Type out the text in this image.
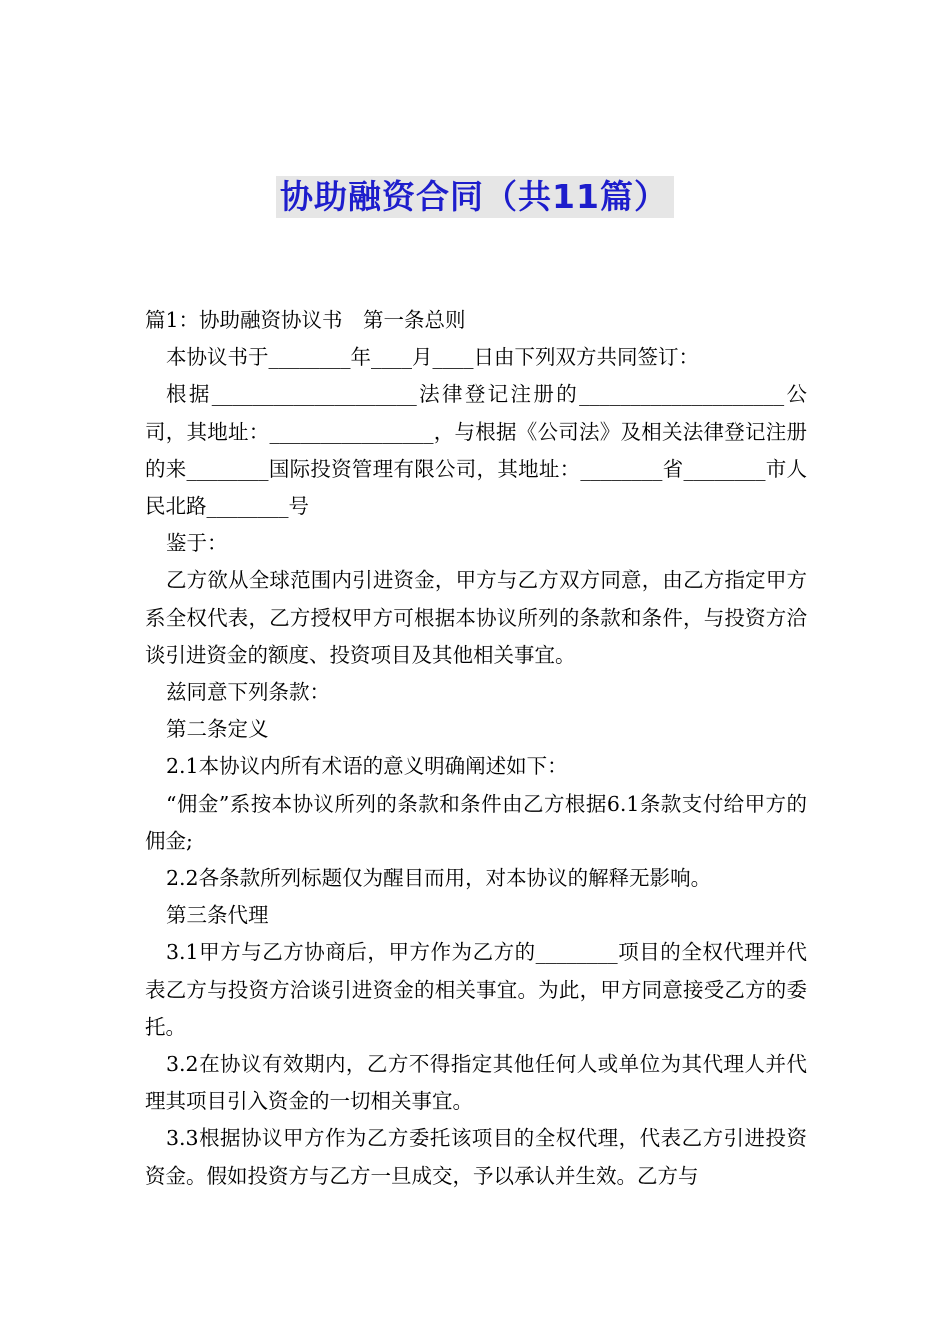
协助融资合同（共11篇）

篇1：协助融资协议书　第一条总则

本协议书于________年____月____日由下列双方共同签订：

根据____________________法律登记注册的____________________公司，其地址：________________，与根据《公司法》及相关法律登记注册的来________国际投资管理有限公司，其地址：________省________市人民北路________号

鉴于：

乙方欲从全球范围内引进资金，甲方与乙方双方同意，由乙方指定甲方系全权代表，乙方授权甲方可根据本协议所列的条款和条件，与投资方洽谈引进资金的额度、投资项目及其他相关事宜。

兹同意下列条款：

第二条定义

2.1本协议内所有术语的意义明确阐述如下：

“佣金”系按本协议所列的条款和条件由乙方根据6.1条款支付给甲方的佣金;

2.2各条款所列标题仅为醒目而用，对本协议的解释无影响。

第三条代理

3.1甲方与乙方协商后，甲方作为乙方的________项目的全权代理并代表乙方与投资方洽谈引进资金的相关事宜。为此，甲方同意接受乙方的委托。

3.2在协议有效期内，乙方不得指定其他任何人或单位为其代理人并代理其项目引入资金的一切相关事宜。

3.3根据协议甲方作为乙方委托该项目的全权代理，代表乙方引进投资资金。假如投资方与乙方一旦成交，予以承认并生效。乙方与
